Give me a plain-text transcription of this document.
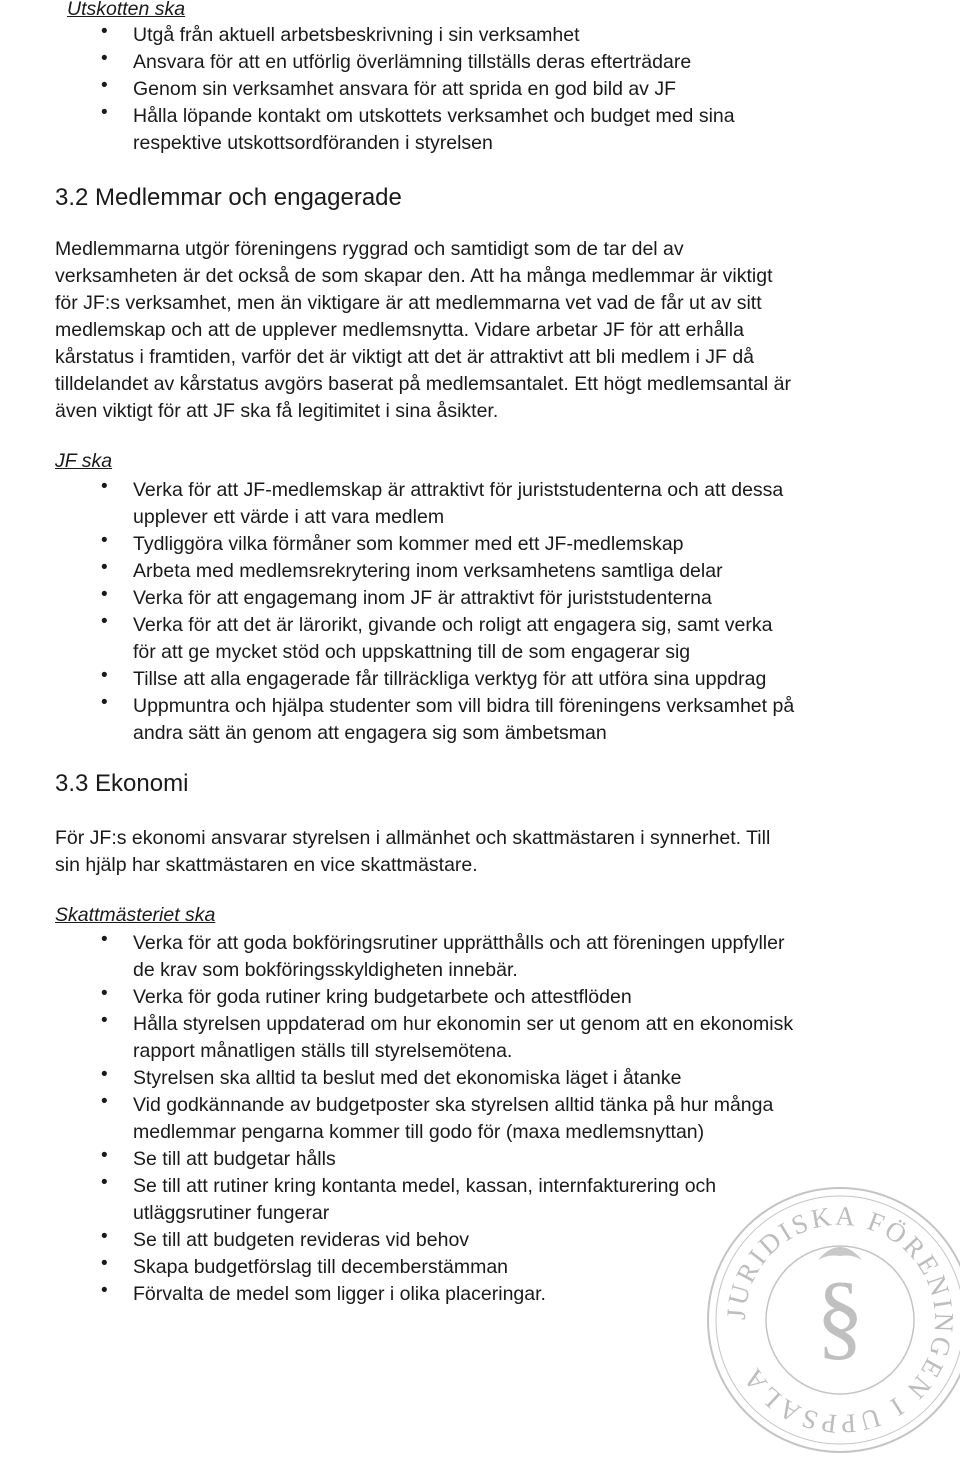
JURIDISKA FÖRENINGEN I UPPSALA
§
Utskotten ska
• Utgå från aktuell arbetsbeskrivning i sin verksamhet
• Ansvara för att en utförlig överlämning tillställs deras efterträdare
• Genom sin verksamhet ansvara för att sprida en god bild av JF
• Hålla löpande kontakt om utskottets verksamhet och budget med sina
respektive utskottsordföranden i styrelsen
3.2 Medlemmar och engagerade
Medlemmarna utgör föreningens ryggrad och samtidigt som de tar del av
verksamheten är det också de som skapar den. Att ha många medlemmar är viktigt
för JF:s verksamhet, men än viktigare är att medlemmarna vet vad de får ut av sitt
medlemskap och att de upplever medlemsnytta. Vidare arbetar JF för att erhålla
kårstatus i framtiden, varför det är viktigt att det är attraktivt att bli medlem i JF då
tilldelandet av kårstatus avgörs baserat på medlemsantalet. Ett högt medlemsantal är
även viktigt för att JF ska få legitimitet i sina åsikter.
JF ska
• Verka för att JF-medlemskap är attraktivt för juriststudenterna och att dessa
upplever ett värde i att vara medlem
• Tydliggöra vilka förmåner som kommer med ett JF-medlemskap
• Arbeta med medlemsrekrytering inom verksamhetens samtliga delar
• Verka för att engagemang inom JF är attraktivt för juriststudenterna
• Verka för att det är lärorikt, givande och roligt att engagera sig, samt verka
för att ge mycket stöd och uppskattning till de som engagerar sig
• Tillse att alla engagerade får tillräckliga verktyg för att utföra sina uppdrag
• Uppmuntra och hjälpa studenter som vill bidra till föreningens verksamhet på
andra sätt än genom att engagera sig som ämbetsman
3.3 Ekonomi
För JF:s ekonomi ansvarar styrelsen i allmänhet och skattmästaren i synnerhet. Till
sin hjälp har skattmästaren en vice skattmästare.
Skattmästeriet ska
• Verka för att goda bokföringsrutiner upprätthålls och att föreningen uppfyller
de krav som bokföringsskyldigheten innebär.
• Verka för goda rutiner kring budgetarbete och attestflöden
• Hålla styrelsen uppdaterad om hur ekonomin ser ut genom att en ekonomisk
rapport månatligen ställs till styrelsemötena.
• Styrelsen ska alltid ta beslut med det ekonomiska läget i åtanke
• Vid godkännande av budgetposter ska styrelsen alltid tänka på hur många
medlemmar pengarna kommer till godo för (maxa medlemsnyttan)
• Se till att budgetar hålls
• Se till att rutiner kring kontanta medel, kassan, internfakturering och
utläggsrutiner fungerar
• Se till att budgeten revideras vid behov
• Skapa budgetförslag till decemberstämman
• Förvalta de medel som ligger i olika placeringar.
